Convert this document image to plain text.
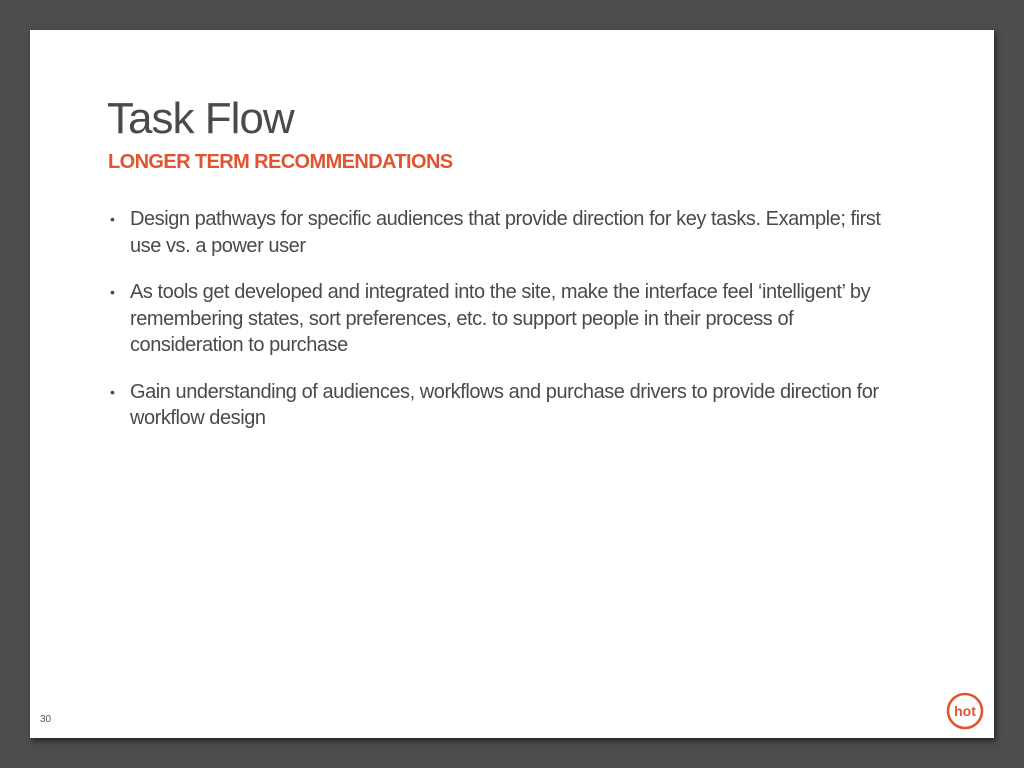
Task Flow
LONGER TERM RECOMMENDATIONS
• Design pathways for specific audiences that provide direction for key tasks. Example; first use vs. a power user
• As tools get developed and integrated into the site, make the interface feel ‘intelligent’ by remembering states, sort preferences, etc. to support people in their process of consideration to purchase
• Gain understanding of audiences, workflows and purchase drivers to provide direction for workflow design
30
hot
